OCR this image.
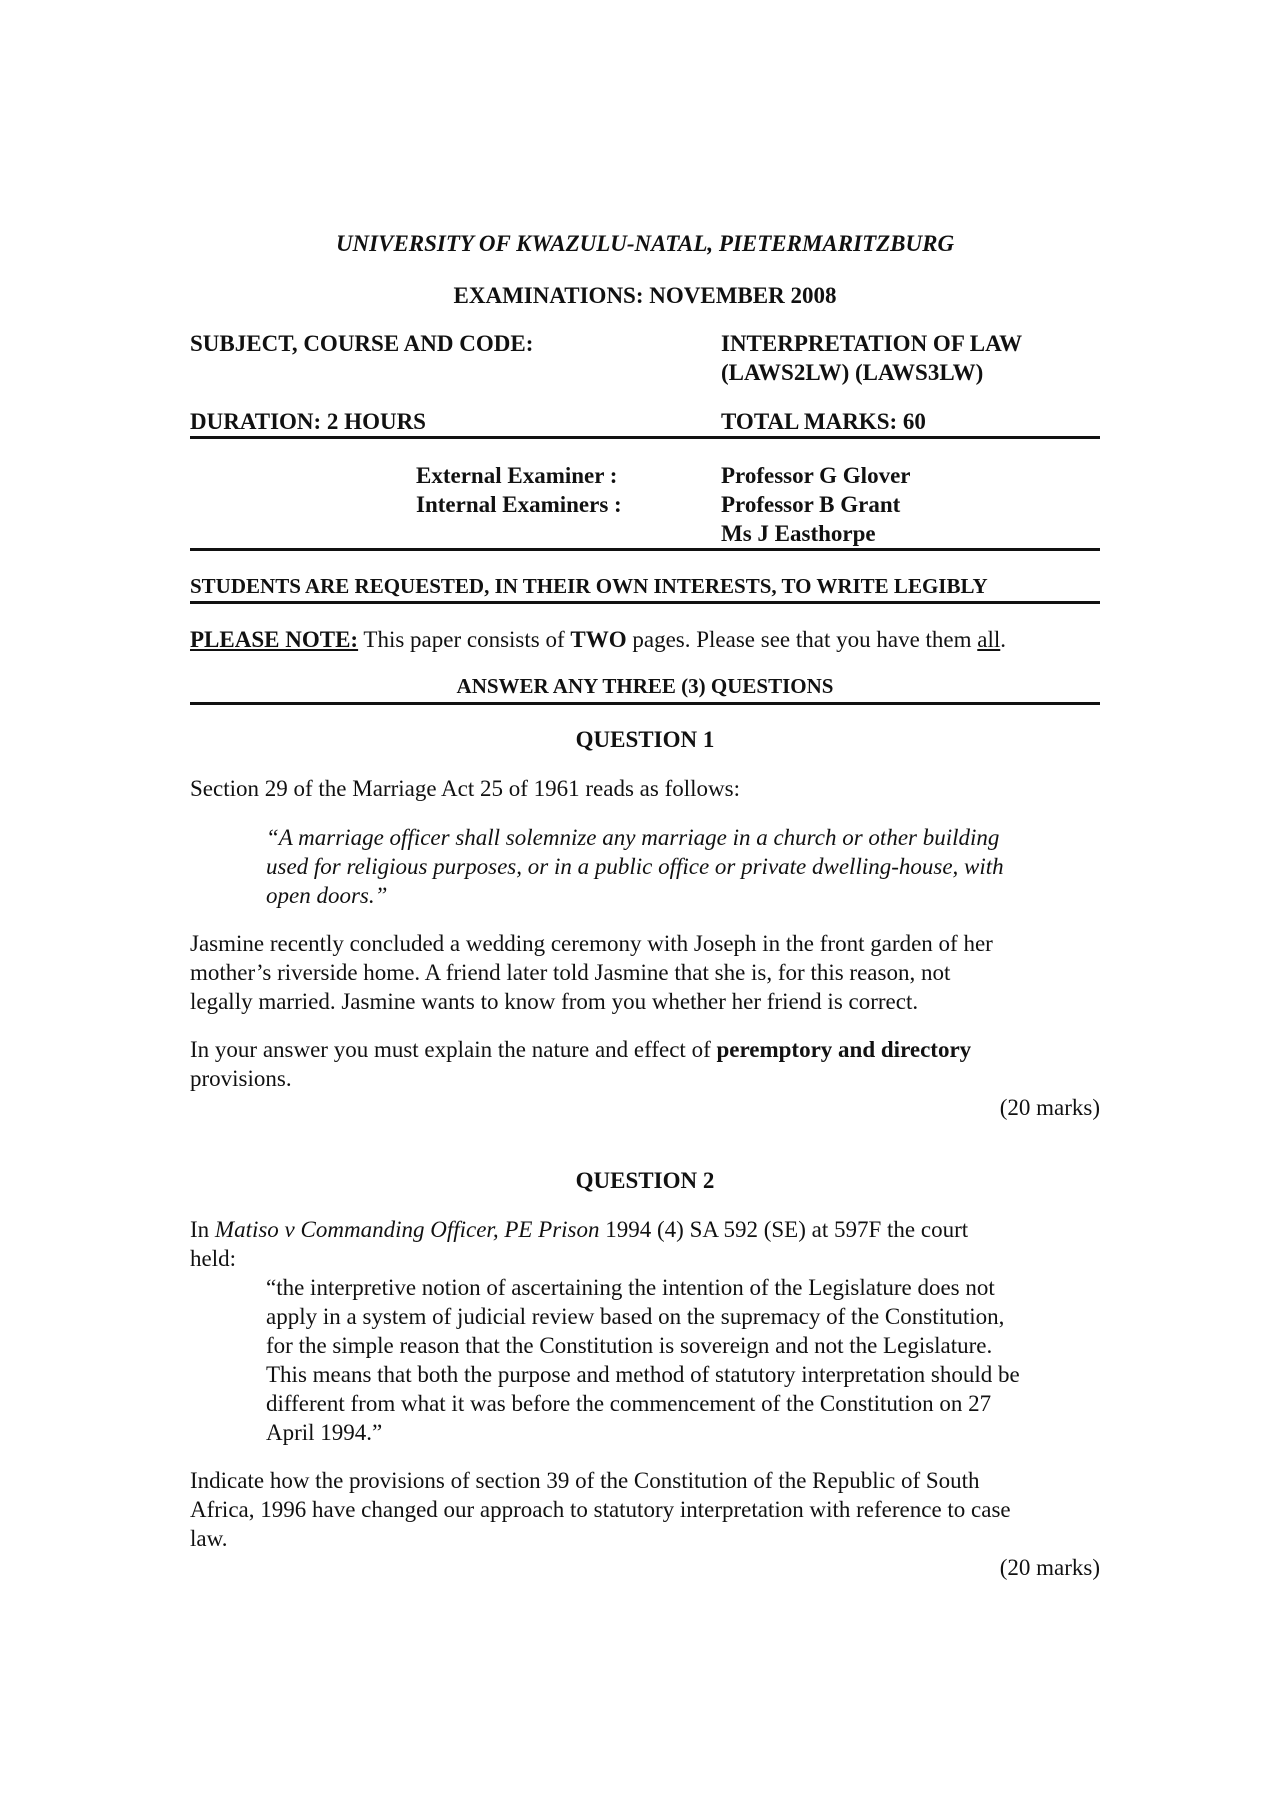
UNIVERSITY OF KWAZULU-NATAL, PIETERMARITZBURG
EXAMINATIONS: NOVEMBER 2008
SUBJECT, COURSE AND CODE:	INTERPRETATION OF LAW
(LAWS2LW) (LAWS3LW)
DURATION: 2 HOURS	TOTAL MARKS: 60
External Examiner :
Internal Examiners :
Professor G Glover
Professor B Grant
Ms J Easthorpe
STUDENTS ARE REQUESTED, IN THEIR OWN INTERESTS, TO WRITE LEGIBLY
PLEASE NOTE: This paper consists of TWO pages. Please see that you have them all.
ANSWER ANY THREE (3) QUESTIONS
QUESTION 1
Section 29 of the Marriage Act 25 of 1961 reads as follows:
“A marriage officer shall solemnize any marriage in a church or other building
used for religious purposes, or in a public office or private dwelling-house, with
open doors.”
Jasmine recently concluded a wedding ceremony with Joseph in the front garden of her
mother’s riverside home. A friend later told Jasmine that she is, for this reason, not
legally married. Jasmine wants to know from you whether her friend is correct.
In your answer you must explain the nature and effect of peremptory and directory
provisions.
(20 marks)
QUESTION 2
In Matiso v Commanding Officer, PE Prison 1994 (4) SA 592 (SE) at 597F the court
held:
“the interpretive notion of ascertaining the intention of the Legislature does not
apply in a system of judicial review based on the supremacy of the Constitution,
for the simple reason that the Constitution is sovereign and not the Legislature.
This means that both the purpose and method of statutory interpretation should be
different from what it was before the commencement of the Constitution on 27
April 1994.”
Indicate how the provisions of section 39 of the Constitution of the Republic of South
Africa, 1996 have changed our approach to statutory interpretation with reference to case
law.
(20 marks)
